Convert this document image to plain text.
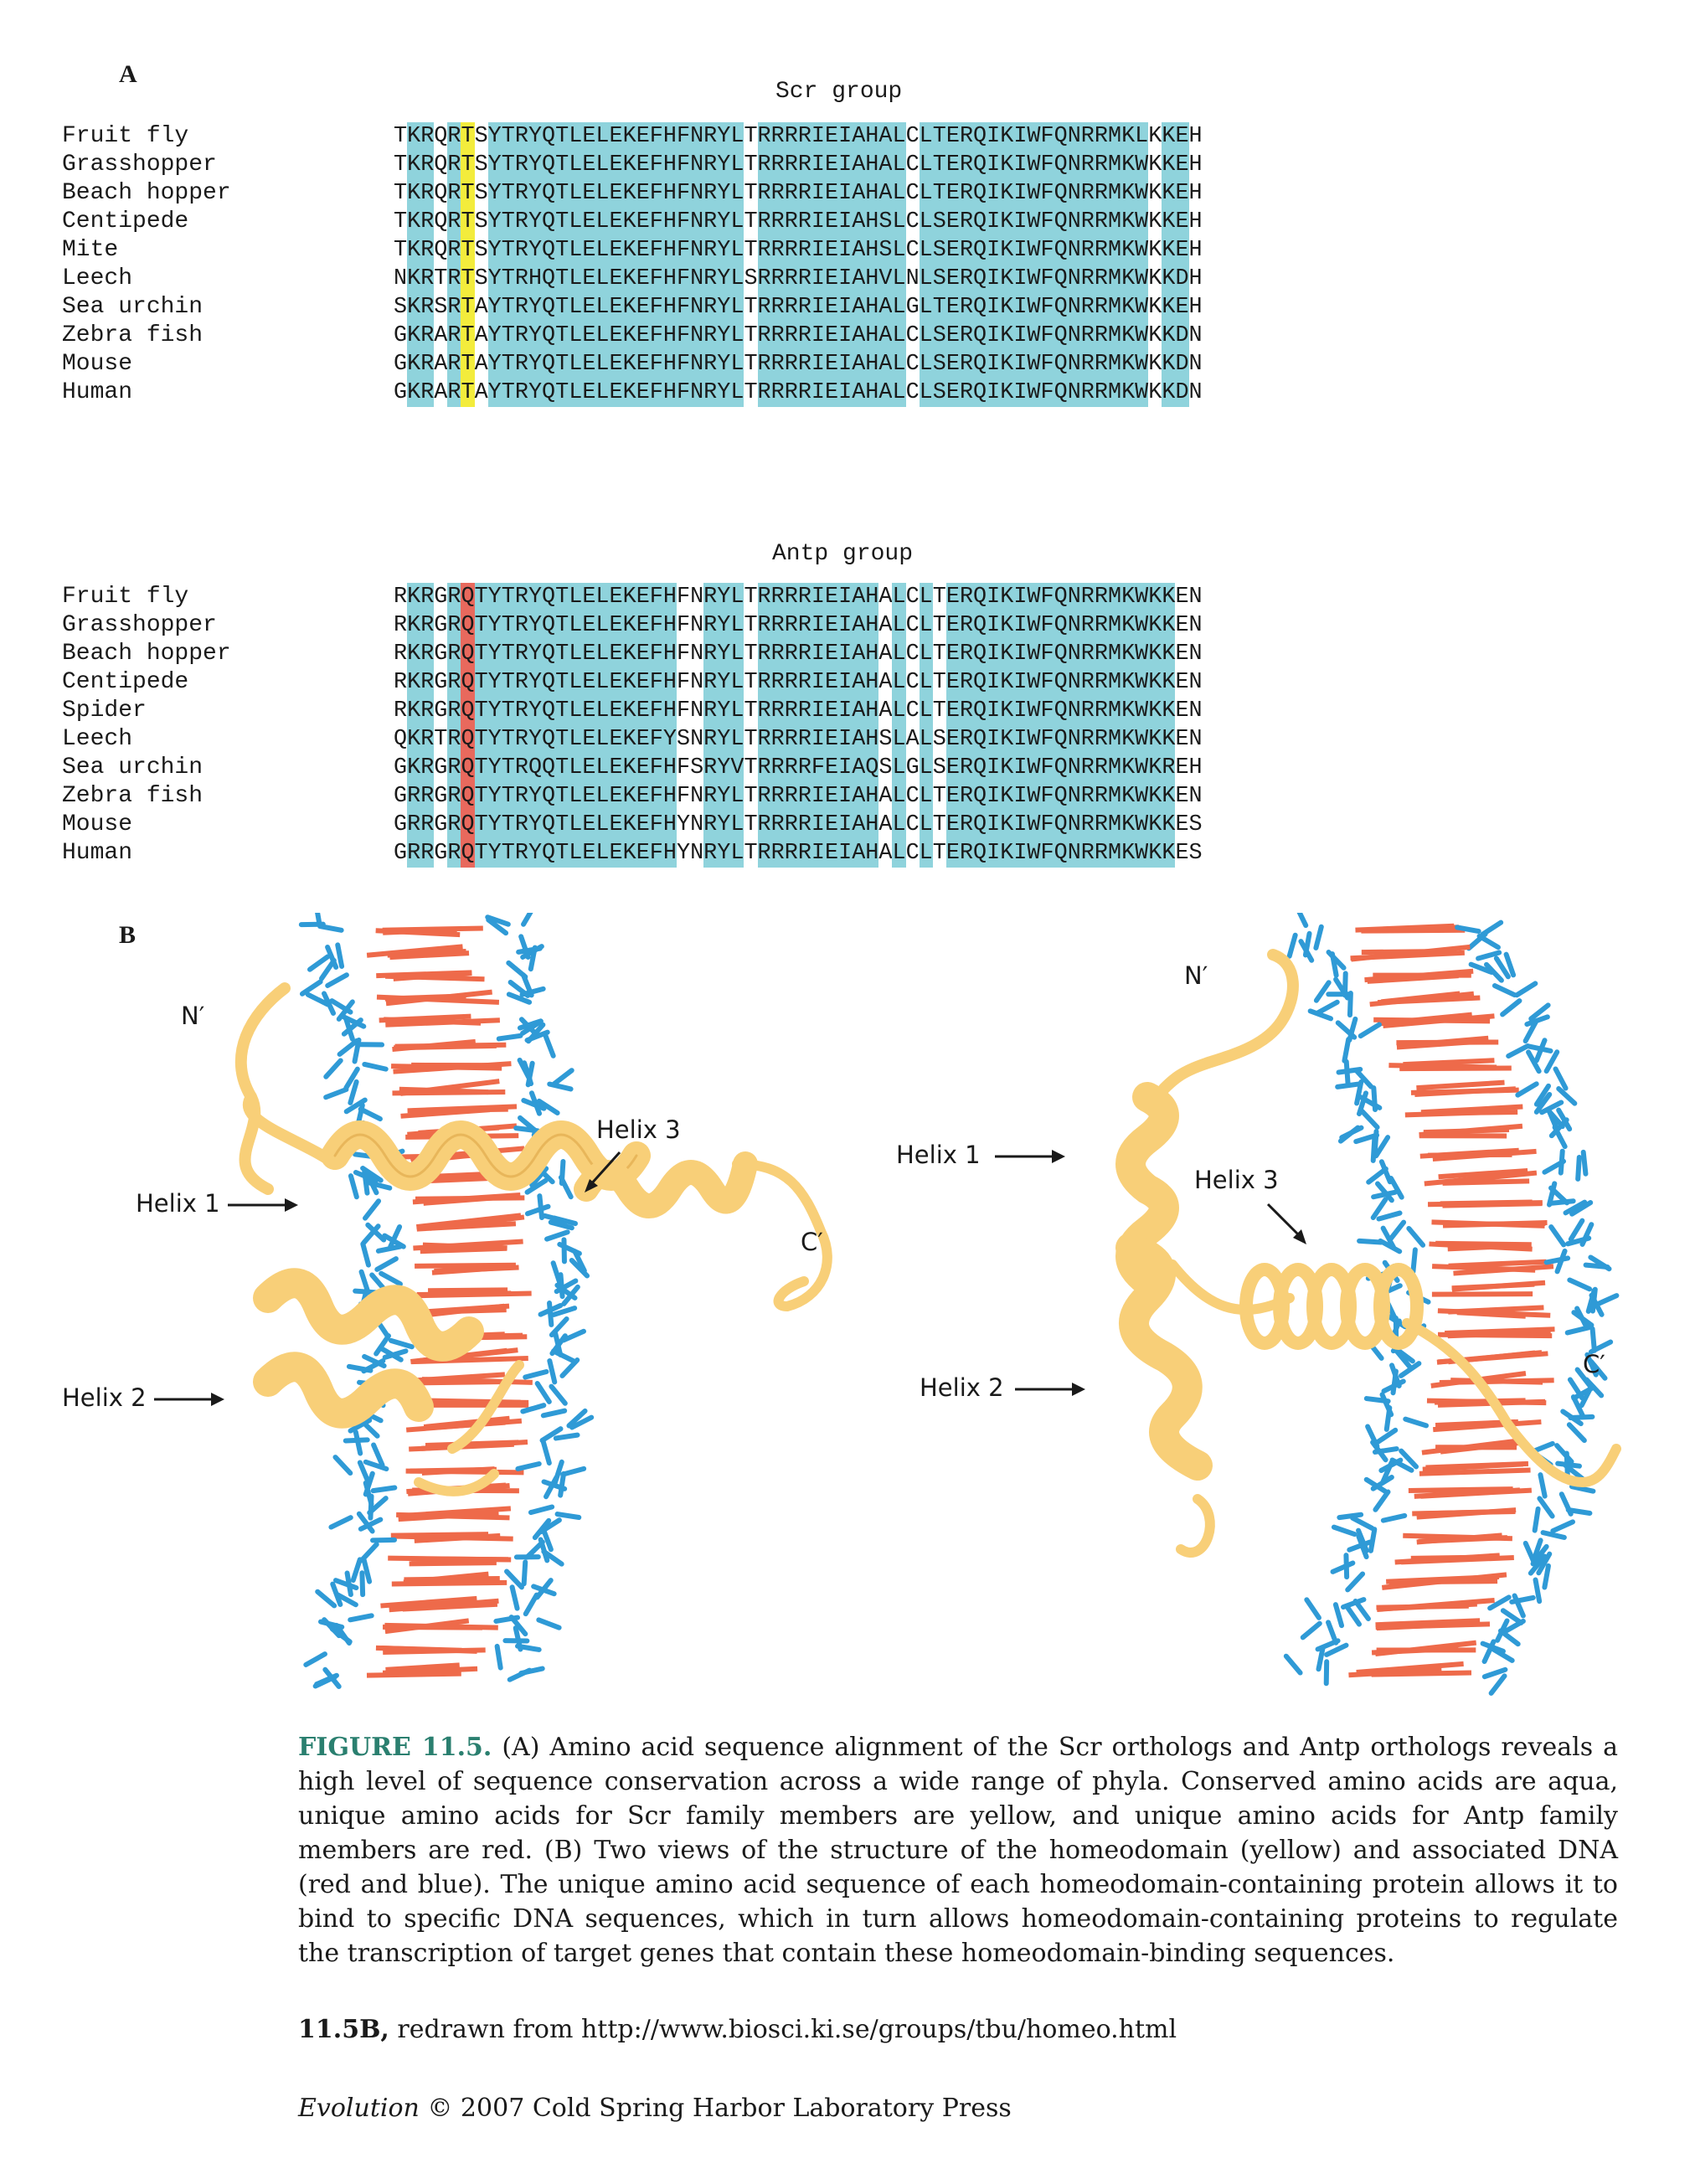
A
Scr group
Fruit fly	T K R Q R T S Y T R Y Q T L E L E K E F H F N R Y L T R R R R I E I A H A L C L T E R Q I K I W F Q N R R M K L K K E H
Grasshopper	T K R Q R T S Y T R Y Q T L E L E K E F H F N R Y L T R R R R I E I A H A L C L T E R Q I K I W F Q N R R M K W K K E H
Beach hopper	T K R Q R T S Y T R Y Q T L E L E K E F H F N R Y L T R R R R I E I A H A L C L T E R Q I K I W F Q N R R M K W K K E H
Centipede	T K R Q R T S Y T R Y Q T L E L E K E F H F N R Y L T R R R R I E I A H S L C L S E R Q I K I W F Q N R R M K W K K E H
Mite	T K R Q R T S Y T R Y Q T L E L E K E F H F N R Y L T R R R R I E I A H S L C L S E R Q I K I W F Q N R R M K W K K E H
Leech	N K R T R T S Y T R H Q T L E L E K E F H F N R Y L S R R R R I E I A H V L N L S E R Q I K I W F Q N R R M K W K K D H
Sea urchin	S K R S R T A Y T R Y Q T L E L E K E F H F N R Y L T R R R R I E I A H A L G L T E R Q I K I W F Q N R R M K W K K E H
Zebra fish	G K R A R T A Y T R Y Q T L E L E K E F H F N R Y L T R R R R I E I A H A L C L S E R Q I K I W F Q N R R M K W K K D N
Mouse	G K R A R T A Y T R Y Q T L E L E K E F H F N R Y L T R R R R I E I A H A L C L S E R Q I K I W F Q N R R M K W K K D N
Human	G K R A R T A Y T R Y Q T L E L E K E F H F N R Y L T R R R R I E I A H A L C L S E R Q I K I W F Q N R R M K W K K D N
Antp group
Fruit fly	R K R G R Q T Y T R Y Q T L E L E K E F H F N R Y L T R R R R I E I A H A L C L T E R Q I K I W F Q N R R M K W K K E N
Grasshopper	R K R G R Q T Y T R Y Q T L E L E K E F H F N R Y L T R R R R I E I A H A L C L T E R Q I K I W F Q N R R M K W K K E N
Beach hopper	R K R G R Q T Y T R Y Q T L E L E K E F H F N R Y L T R R R R I E I A H A L C L T E R Q I K I W F Q N R R M K W K K E N
Centipede	R K R G R Q T Y T R Y Q T L E L E K E F H F N R Y L T R R R R I E I A H A L C L T E R Q I K I W F Q N R R M K W K K E N
Spider	R K R G R Q T Y T R Y Q T L E L E K E F H F N R Y L T R R R R I E I A H A L C L T E R Q I K I W F Q N R R M K W K K E N
Leech	Q K R T R Q T Y T R Y Q T L E L E K E F Y S N R Y L T R R R R I E I A H S L A L S E R Q I K I W F Q N R R M K W K K E N
Sea urchin	G K R G R Q T Y T R Q Q T L E L E K E F H F S R Y V T R R R R F E I A Q S L G L S E R Q I K I W F Q N R R M K W K R E H
Zebra fish	G R R G R Q T Y T R Y Q T L E L E K E F H F N R Y L T R R R R I E I A H A L C L T E R Q I K I W F Q N R R M K W K K E N
Mouse	G R R G R Q T Y T R Y Q T L E L E K E F H Y N R Y L T R R R R I E I A H A L C L T E R Q I K I W F Q N R R M K W K K E S
Human	G R R G R Q T Y T R Y Q T L E L E K E F H Y N R Y L T R R R R I E I A H A L C L T E R Q I K I W F Q N R R M K W K K E S
B
N′
Helix 3
Helix 1
C′
Helix 2
N′
Helix 1
Helix 3
C′
Helix 2
FIGURE 11.5. (A) Amino acid sequence alignment of the Scr orthologs and Antp orthologs reveals a high level of sequence conservation across a wide range of phyla. Conserved amino acids are aqua, unique amino acids for Scr family members are yellow, and unique amino acids for Antp family members are red. (B) Two views of the structure of the homeodomain (yellow) and associated DNA (red and blue). The unique amino acid sequence of each homeodomain-containing protein allows it to bind to specific DNA sequences, which in turn allows homeodomain-containing proteins to regulate the transcription of target genes that contain these homeodomain-binding sequences.
11.5B, redrawn from http://www.biosci.ki.se/groups/tbu/homeo.html
Evolution © 2007 Cold Spring Harbor Laboratory Press
